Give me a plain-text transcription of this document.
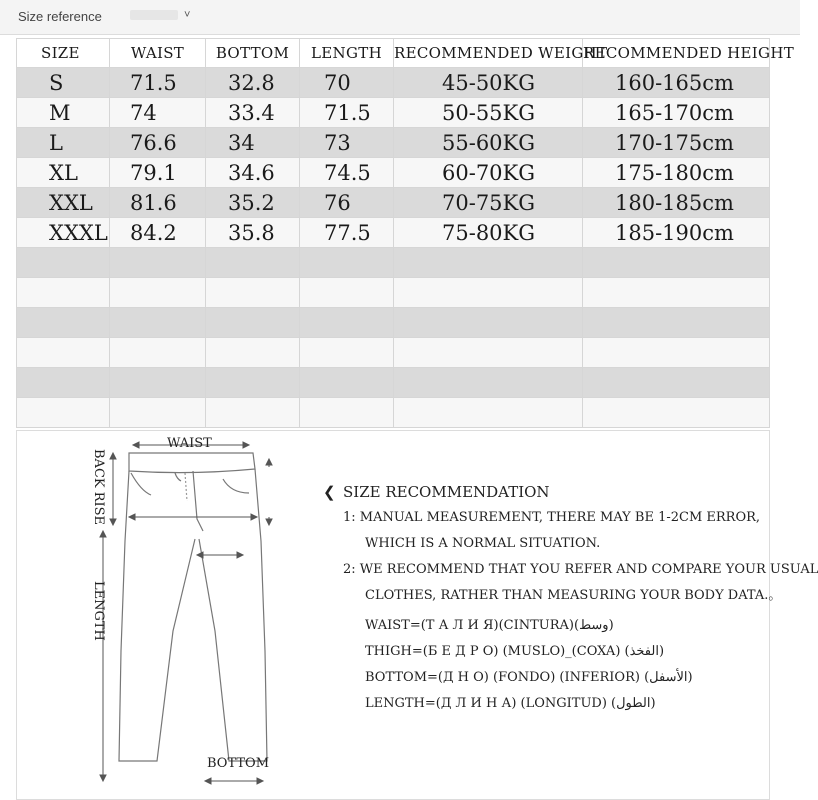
Size reference	˅
SIZE	WAIST	BOTTOM	LENGTH	RECOMMENDED WEIGHT	RECOMMENDED HEIGHT
S	71.5	32.8	70	45-50KG	160-165cm
M	74	33.4	71.5	50-55KG	165-170cm
L	76.6	34	73	55-60KG	170-175cm
XL	79.1	34.6	74.5	60-70KG	175-180cm
XXL	81.6	35.2	76	70-75KG	180-185cm
XXXL	84.2	35.8	77.5	75-80KG	185-190cm

WAIST
BACK RISE
LENGTH
BOTTOM
❮ SIZE RECOMMENDATION
1: MANUAL MEASUREMENT, THERE MAY BE 1-2CM ERROR,
WHICH IS A NORMAL SITUATION.
2: WE RECOMMEND THAT YOU REFER AND COMPARE YOUR USUAL
CLOTHES, RATHER THAN MEASURING YOUR BODY DATA.。
WAIST=(Т А Л И Я)(CINTURA)(وسط)
THIGH=(Б Е Д Р О) (MUSLO)_(COXA) (الفخذ)
BOTTOM=(Д Н О) (FONDO) (INFERIOR) (الأسفل)
LENGTH=(Д Л И Н А) (LONGITUD) (الطول)
